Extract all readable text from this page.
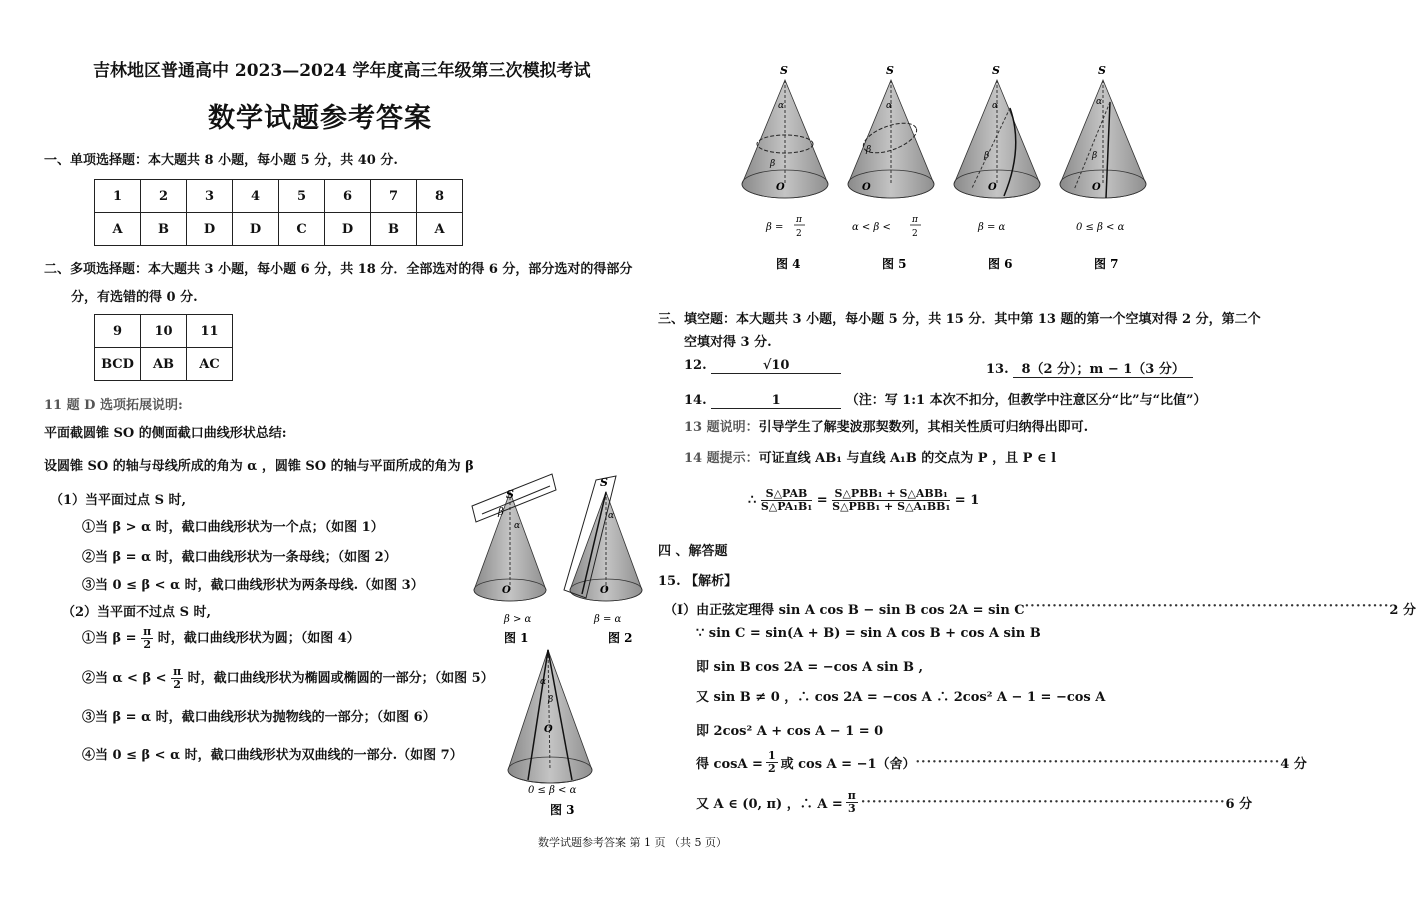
吉林地区普通高中 2023—2024 学年度高三年级第三次模拟考试
数学试题参考答案
一、单项选择题：本大题共 8 小题，每小题 5 分，共 40 分.
1	2	3	4	5	6	7	8
A	B	D	D	C	D	B	A
二、多项选择题：本大题共 3 小题，每小题 6 分，共 18 分．全部选对的得 6 分，部分选对的得部分
分，有选错的得 0 分.
9	10	11
BCD	AB	AC
11 题 D 选项拓展说明:
平面截圆锥 SO 的侧面截口曲线形状总结:
设圆锥 SO 的轴与母线所成的角为 α ，圆锥 SO 的轴与平面所成的角为 β
（1）当平面过点 S 时,
①当 β > α 时，截口曲线形状为一个点；（如图 1）
②当 β = α 时，截口曲线形状为一条母线；（如图 2）
③当 0 ≤ β < α 时，截口曲线形状为两条母线.（如图 3）
（2）当平面不过点 S 时,
①当 $\beta = \frac{\pi}{2}$ 时，截口曲线形状为圆；（如图 4）
②当 $\alpha < \beta < \frac{\pi}{2}$ 时，截口曲线形状为椭圆或椭圆的一部分；（如图 5）
③当 β = α 时，截口曲线形状为抛物线的一部分；（如图 6）
④当 0 ≤ β < α 时，截口曲线形状为双曲线的一部分.（如图 7）
S
O
β
α
β > α
图 1
S
O
α
β = α
图 2
O
α
β
0 ≤ β < α
图 3
S
O
α
β
β =
π
2
图 4
S
O
α
β
α < β <
π
2
图 5
S
O
α
β
β = α
图 6
S
O
α
β
0 ≤ β < α
图 7
三、填空题：本大题共 3 小题，每小题 5 分，共 15 分．其中第 13 题的第一个空填对得 2 分，第二个
空填对得 3 分.
12.	√10	13. 8（2 分）；m − 1（3 分）
14.	1	（注：写 1:1 本次不扣分，但教学中注意区分“比”与“比值”）
13 题说明：引导学生了解斐波那契数列，其相关性质可归纳得出即可.
14 题提示：可证直线 AB₁ 与直线 A₁B 的交点为 P ，且 P ∈ l
∴ $\frac{\text{S△PAB}}{\text{S△PA₁B₁}} = \frac{\text{S△PBB₁ + S△ABB₁}}{\text{S△PBB₁ + S△A₁BB₁}} = 1$
四 、解答题
15. 【解析】
（Ⅰ）由正弦定理得 sin A cos B − sin B cos 2A = sin C ·································································· 2 分
∵ sin C = sin(A + B) = sin A cos B + cos A sin B
即 sin B cos 2A = −cos A sin B ,
又 sin B ≠ 0 ，∴ cos 2A = −cos A ∴ 2cos² A − 1 = −cos A
即 2cos² A + cos A − 1 = 0
得 $\cos A = \frac{1}{2}$ 或 cos A = −1（舍） ·································································· 4 分
又 A ∈ (0, π) ，∴ $A = \frac{\pi}{3}$ ·································································· 6 分
数学试题参考答案 第 1 页 （共 5 页）
